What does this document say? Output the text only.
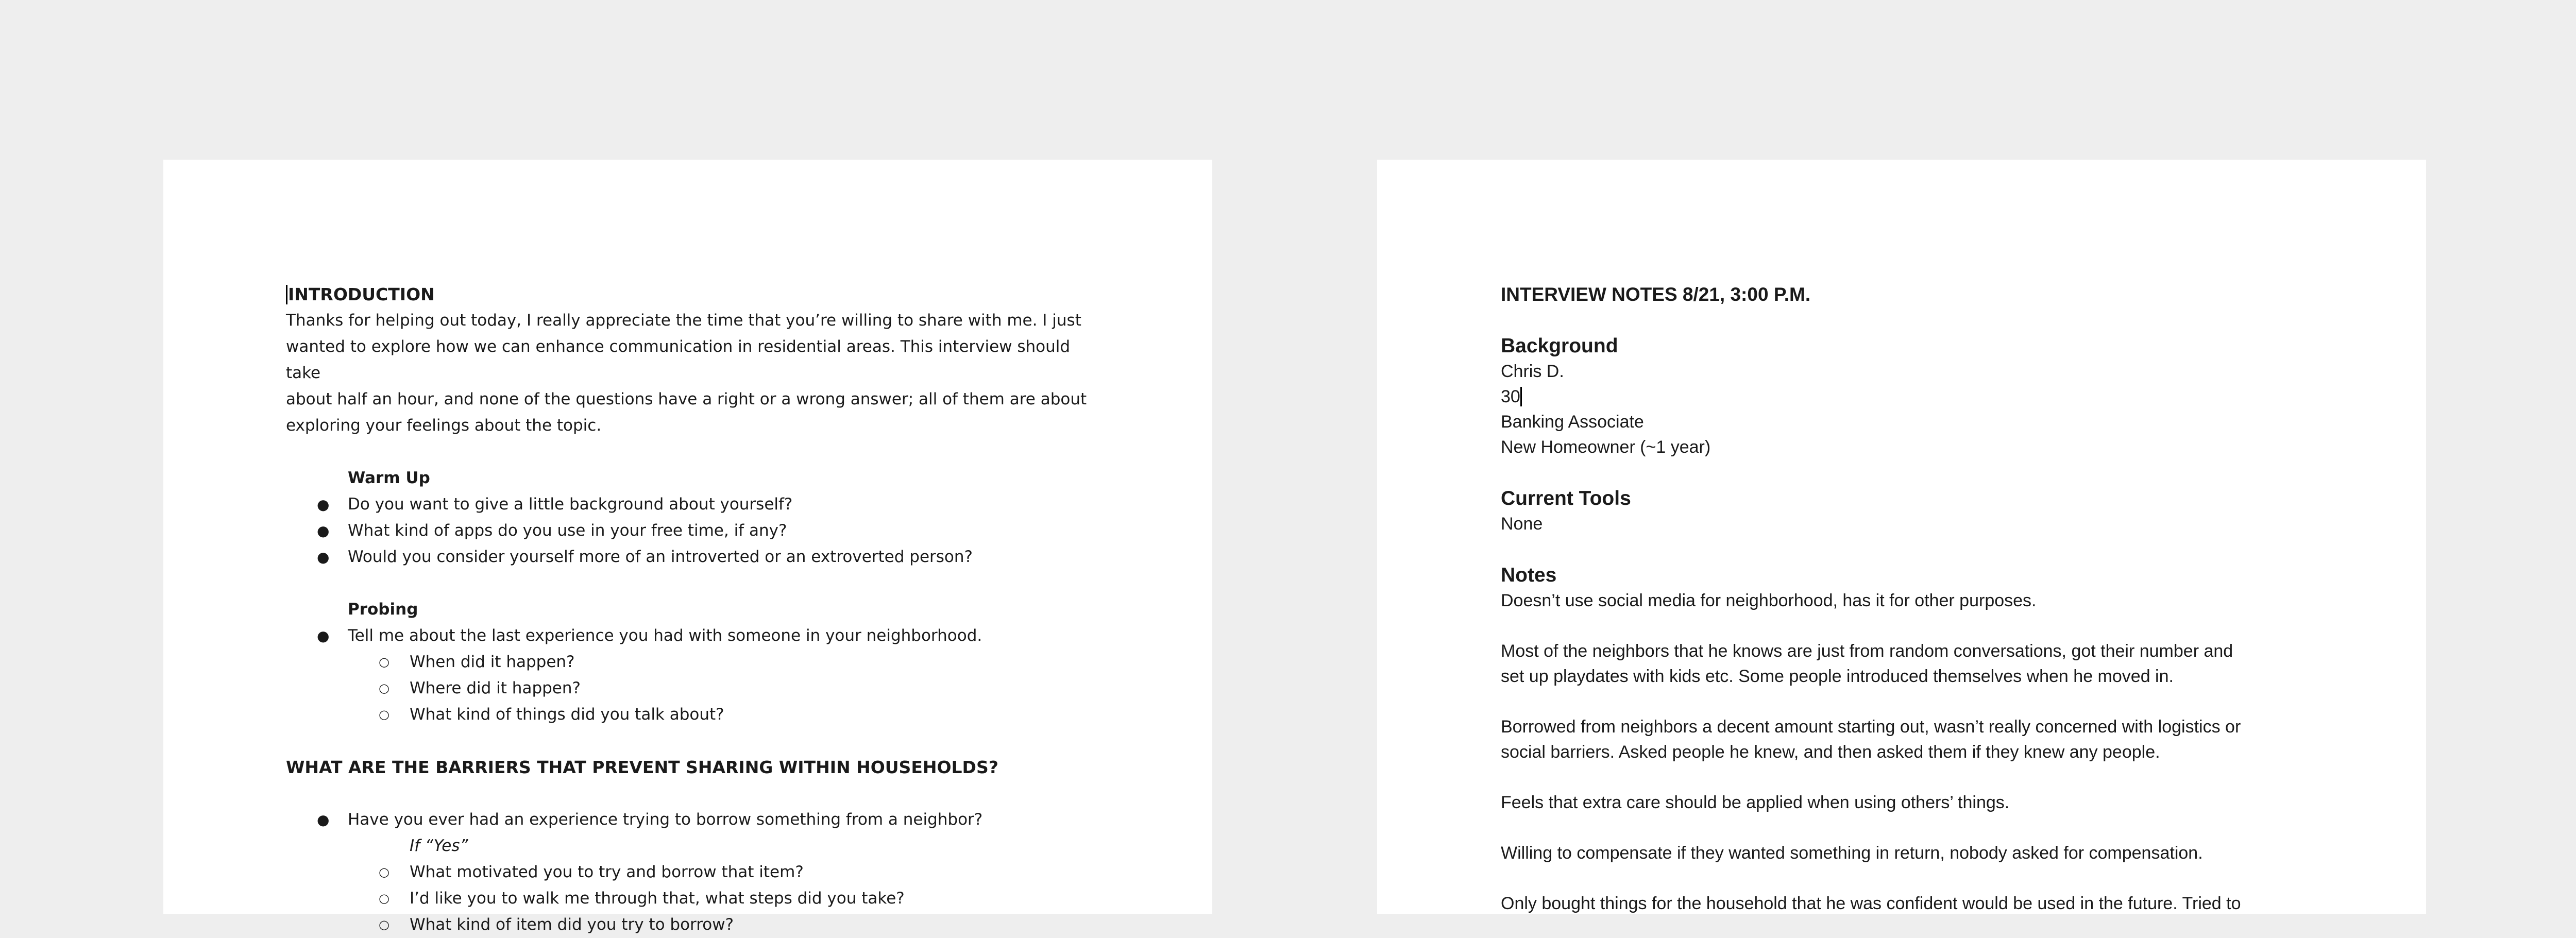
INTRODUCTION
Thanks for helping out today, I really appreciate the time that you’re willing to share with me. I just
wanted to explore how we can enhance communication in residential areas. This interview should take
about half an hour, and none of the questions have a right or a wrong answer; all of them are about
exploring your feelings about the topic.
Warm Up
● Do you want to give a little background about yourself?
● What kind of apps do you use in your free time, if any?
● Would you consider yourself more of an introverted or an extroverted person?
Probing
● Tell me about the last experience you had with someone in your neighborhood.
○ When did it happen?
○ Where did it happen?
○ What kind of things did you talk about?
WHAT ARE THE BARRIERS THAT PREVENT SHARING WITHIN HOUSEHOLDS?
● Have you ever had an experience trying to borrow something from a neighbor?
If “Yes”
○ What motivated you to try and borrow that item?
○ I’d like you to walk me through that, what steps did you take?
○ What kind of item did you try to borrow?
INTERVIEW NOTES 8/21, 3:00 P.M.
Background
Chris D.
30
Banking Associate
New Homeowner (~1 year)
Current Tools
None
Notes
Doesn’t use social media for neighborhood, has it for other purposes.
Most of the neighbors that he knows are just from random conversations, got their number and
set up playdates with kids etc. Some people introduced themselves when he moved in.
Borrowed from neighbors a decent amount starting out, wasn’t really concerned with logistics or
social barriers. Asked people he knew, and then asked them if they knew any people.
Feels that extra care should be applied when using others’ things.
Willing to compensate if they wanted something in return, nobody asked for compensation.
Only bought things for the household that he was confident would be used in the future. Tried to
